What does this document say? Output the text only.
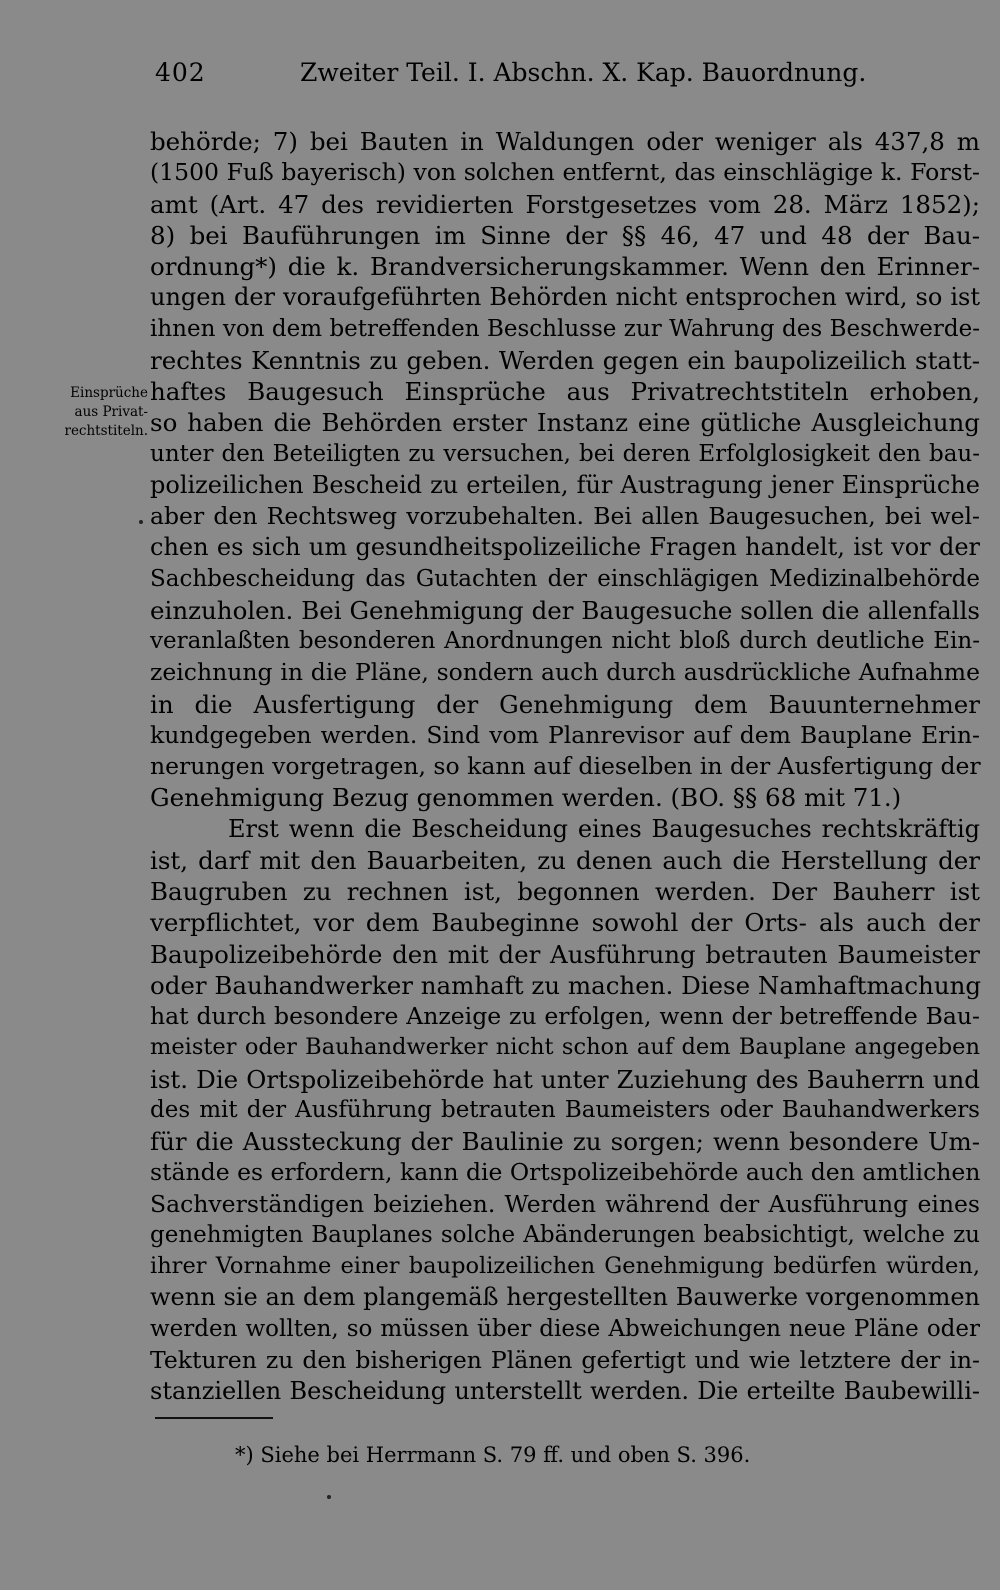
402	Zweiter Teil. I. Abschn. X. Kap. Bauordnung.
Einsprüche
aus Privat-
rechtstiteln.
behörde; 7) bei Bauten in Waldungen oder weniger als 437,8 m
(1500 Fuß bayerisch) von solchen entfernt, das einschlägige k. Forst-
amt (Art. 47 des revidierten Forstgesetzes vom 28. März 1852);
8) bei Bauführungen im Sinne der §§ 46, 47 und 48 der Bau-
ordnung*) die k. Brandversicherungskammer. Wenn den Erinner-
ungen der voraufgeführten Behörden nicht entsprochen wird, so ist
ihnen von dem betreffenden Beschlusse zur Wahrung des Beschwerde-
rechtes Kenntnis zu geben. Werden gegen ein baupolizeilich statt-
haftes Baugesuch Einsprüche aus Privatrechtstiteln erhoben,
so haben die Behörden erster Instanz eine gütliche Ausgleichung
unter den Beteiligten zu versuchen, bei deren Erfolglosigkeit den bau-
polizeilichen Bescheid zu erteilen, für Austragung jener Einsprüche
aber den Rechtsweg vorzubehalten. Bei allen Baugesuchen, bei wel-
chen es sich um gesundheitspolizeiliche Fragen handelt, ist vor der
Sachbescheidung das Gutachten der einschlägigen Medizinalbehörde
einzuholen. Bei Genehmigung der Baugesuche sollen die allenfalls
veranlaßten besonderen Anordnungen nicht bloß durch deutliche Ein-
zeichnung in die Pläne, sondern auch durch ausdrückliche Aufnahme
in die Ausfertigung der Genehmigung dem Bauunternehmer
kundgegeben werden. Sind vom Planrevisor auf dem Bauplane Erin-
nerungen vorgetragen, so kann auf dieselben in der Ausfertigung der
Genehmigung Bezug genommen werden. (BO. §§ 68 mit 71.)
Erst wenn die Bescheidung eines Baugesuches rechtskräftig
ist, darf mit den Bauarbeiten, zu denen auch die Herstellung der
Baugruben zu rechnen ist, begonnen werden. Der Bauherr ist
verpflichtet, vor dem Baubeginne sowohl der Orts- als auch der
Baupolizeibehörde den mit der Ausführung betrauten Baumeister
oder Bauhandwerker namhaft zu machen. Diese Namhaftmachung
hat durch besondere Anzeige zu erfolgen, wenn der betreffende Bau-
meister oder Bauhandwerker nicht schon auf dem Bauplane angegeben
ist. Die Ortspolizeibehörde hat unter Zuziehung des Bauherrn und
des mit der Ausführung betrauten Baumeisters oder Bauhandwerkers
für die Aussteckung der Baulinie zu sorgen; wenn besondere Um-
stände es erfordern, kann die Ortspolizeibehörde auch den amtlichen
Sachverständigen beiziehen. Werden während der Ausführung eines
genehmigten Bauplanes solche Abänderungen beabsichtigt, welche zu
ihrer Vornahme einer baupolizeilichen Genehmigung bedürfen würden,
wenn sie an dem plangemäß hergestellten Bauwerke vorgenommen
werden wollten, so müssen über diese Abweichungen neue Pläne oder
Tekturen zu den bisherigen Plänen gefertigt und wie letztere der in-
stanziellen Bescheidung unterstellt werden. Die erteilte Baubewilli-
*) Siehe bei Herrmann S. 79 ff. und oben S. 396.
